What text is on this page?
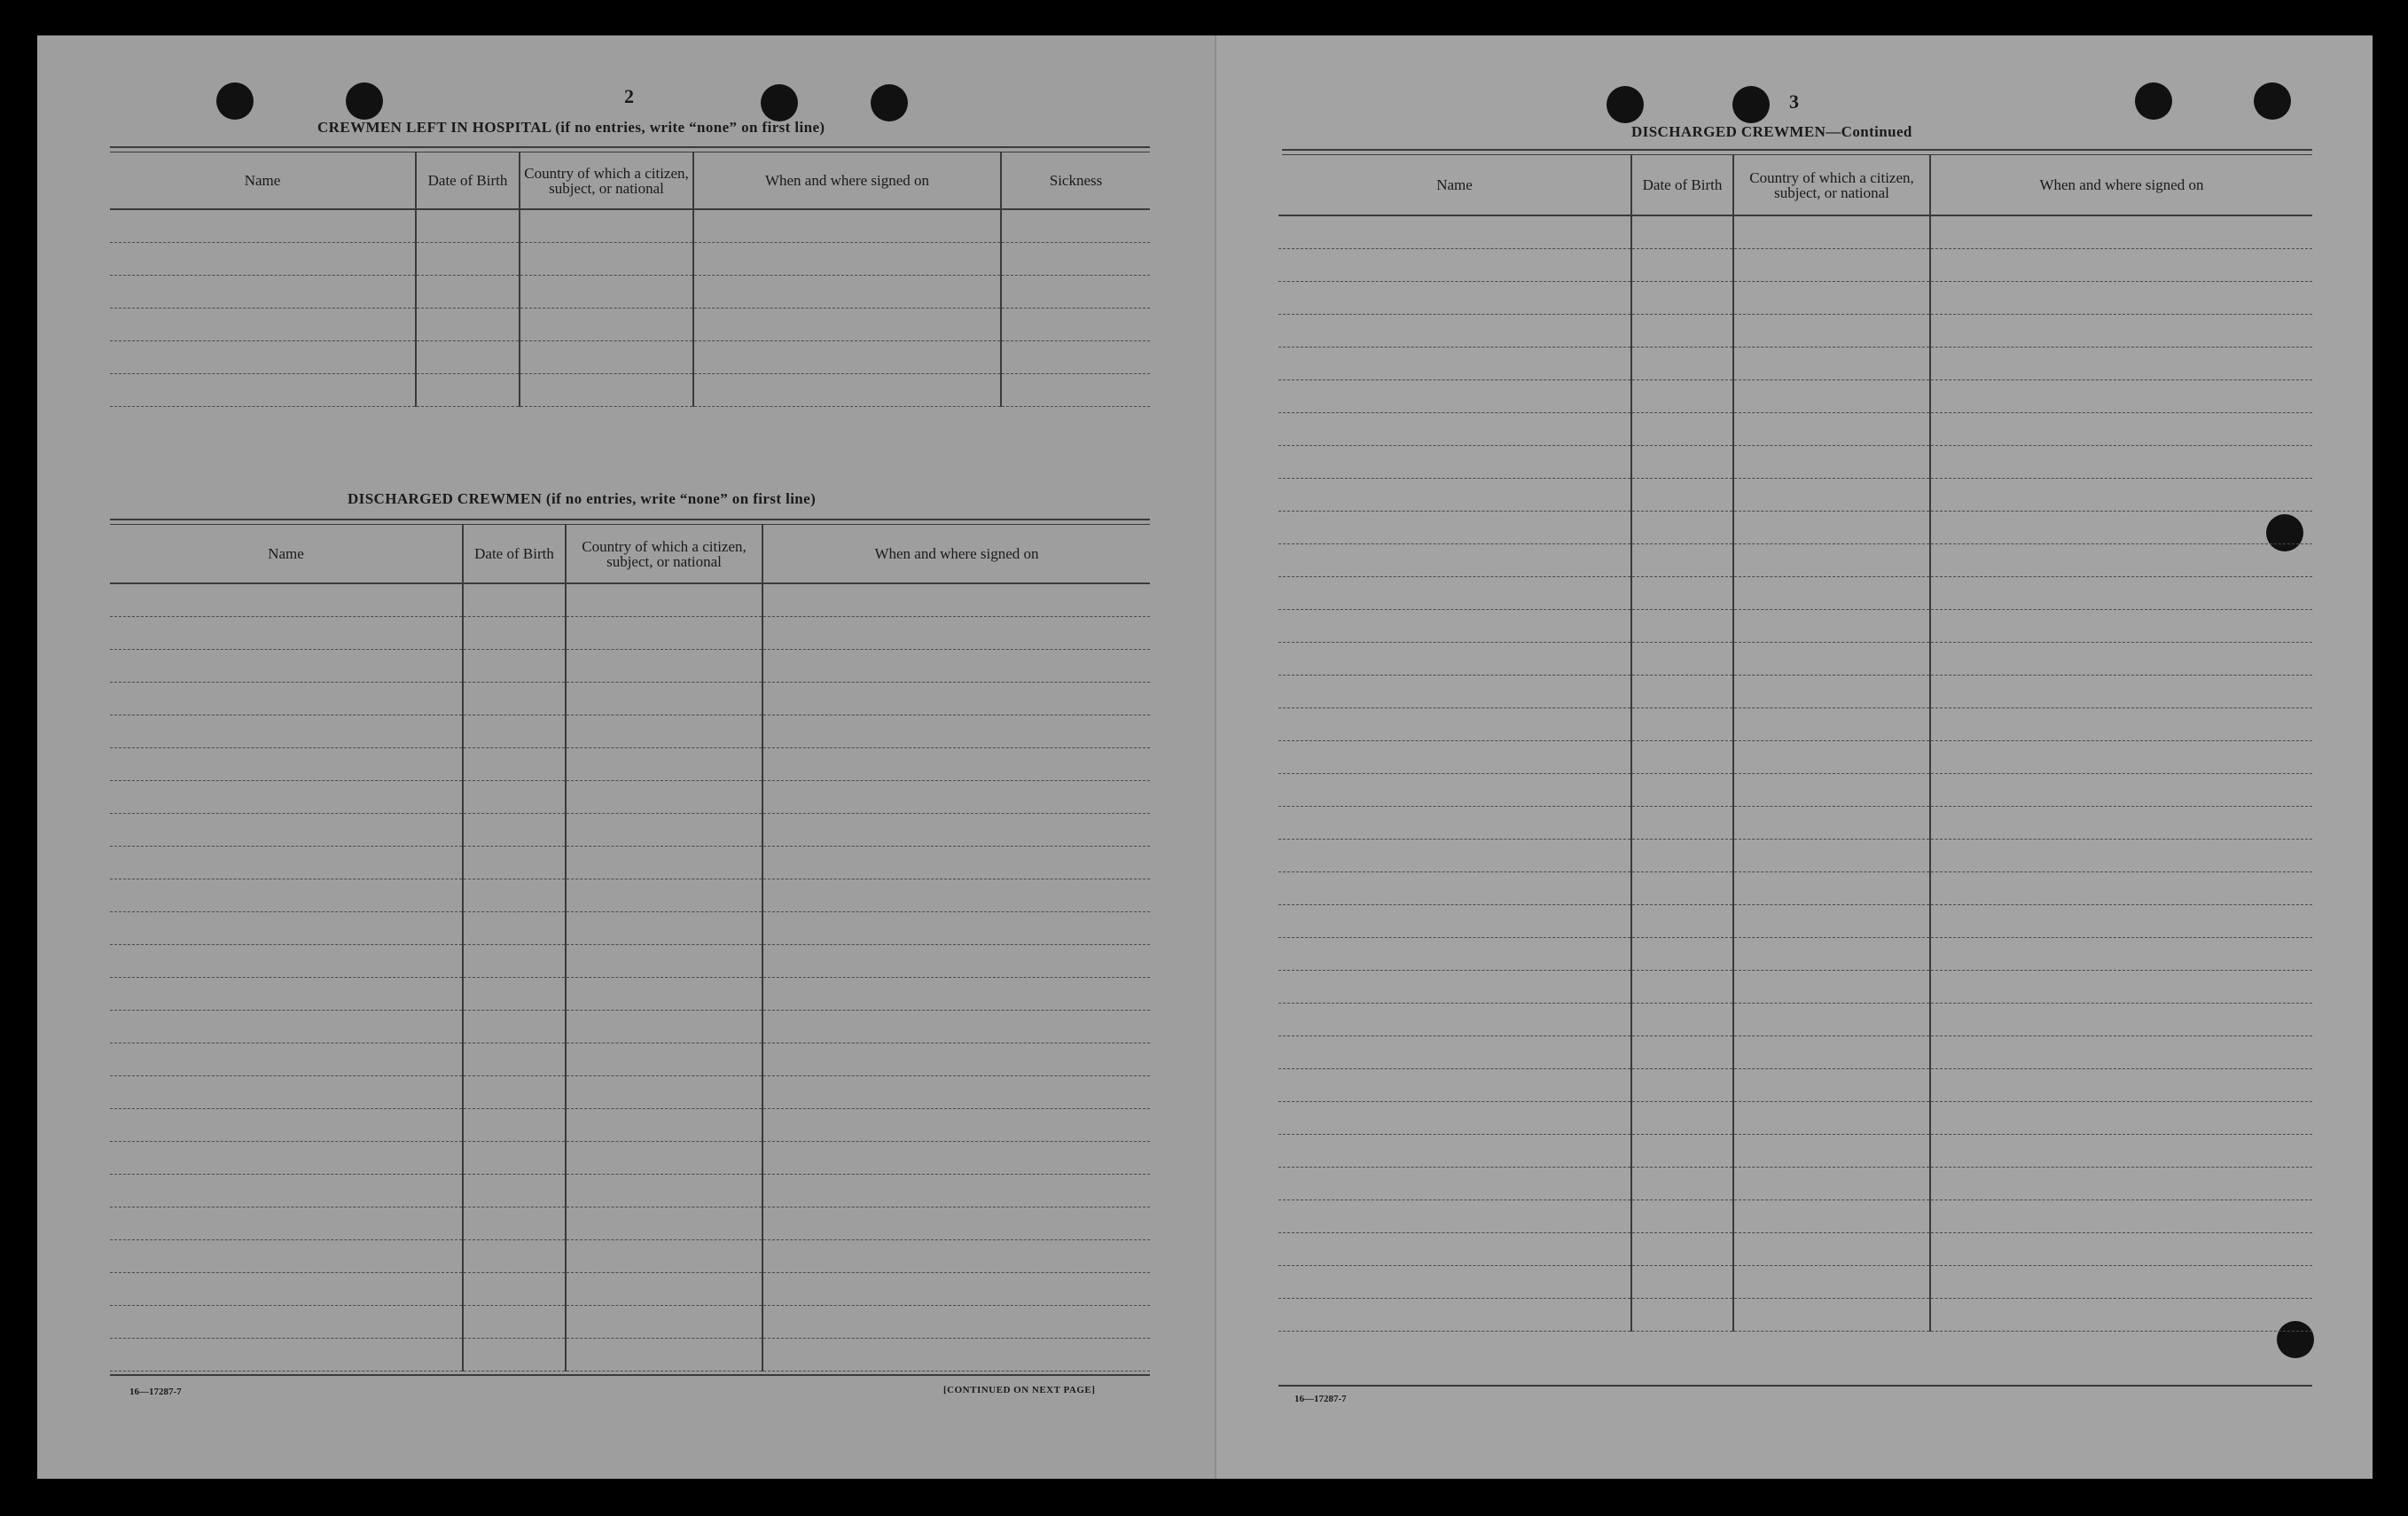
2
CREWMEN LEFT IN HOSPITAL (if no entries, write “none” on first line)
Name	Date of Birth	Country of which a citizen, subject, or national	When and where signed on	Sickness

DISCHARGED CREWMEN (if no entries, write “none” on first line)
Name	Date of Birth	Country of which a citizen, subject, or national	When and where signed on

16—17287-7	[CONTINUED ON NEXT PAGE]
3
DISCHARGED CREWMEN—Continued
Name	Date of Birth	Country of which a citizen, subject, or national	When and where signed on

16—17287-7
